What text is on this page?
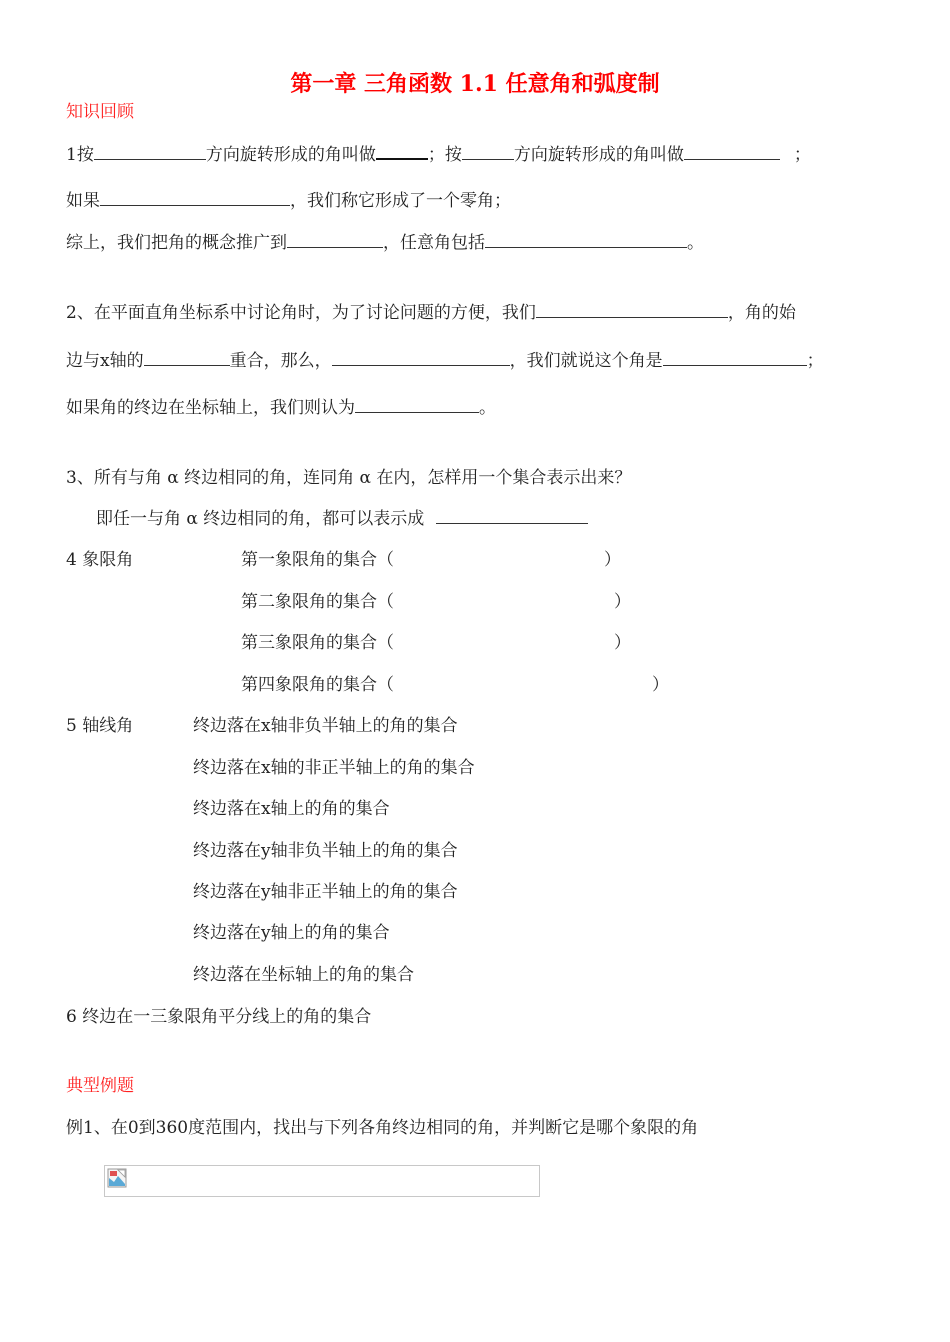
第一章 三角函数 1.1 任意角和弧度制
知识回顾
1按	方向旋转形成的角叫做	；按	方向旋转形成的角叫做	；
如果	，我们称它形成了一个零角；
综上，我们把角的概念推广到	，任意角包括	。
2、在平面直角坐标系中讨论角时，为了讨论问题的方便，我们	，角的始
边与x轴的	重合，那么，	，我们就说这个角是	；
如果角的终边在坐标轴上，我们则认为	。
3、所有与角 α 终边相同的角，连同角 α 在内，怎样用一个集合表示出来？
即任一与角 α 终边相同的角，都可以表示成
4 象限角	第一象限角的集合（	）
第二象限角的集合（	）
第三象限角的集合（	）
第四象限角的集合（	）
5 轴线角	终边落在x轴非负半轴上的角的集合
终边落在x轴的非正半轴上的角的集合
终边落在x轴上的角的集合
终边落在y轴非负半轴上的角的集合
终边落在y轴非正半轴上的角的集合
终边落在y轴上的角的集合
终边落在坐标轴上的角的集合
6 终边在一三象限角平分线上的角的集合
典型例题
例1、在0到360度范围内，找出与下列各角终边相同的角，并判断它是哪个象限的角
